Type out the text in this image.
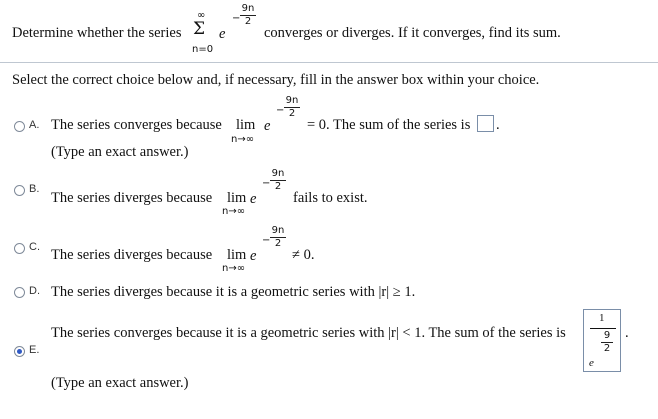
Determine whether the series
∞
Σ
n=0
e
−
9n
2
converges or diverges. If it converges, find its sum.
Select the correct choice below and, if necessary, fill in the answer box within your choice.
A. The series converges because lim
n→∞
e
−
9n
2
= 0. The sum of the series is .
(Type an exact answer.)
B.
The series diverges because lim
n→∞
e
−
9n
2
fails to exist.
C. The series diverges because lim
n→∞
e
−
9n
2
≠ 0.
D. The series diverges because it is a geometric series with |r| ≥ 1.
E.
The series converges because it is a geometric series with |r| < 1. The sum of the series is
1
e
9
2
.
(Type an exact answer.)
